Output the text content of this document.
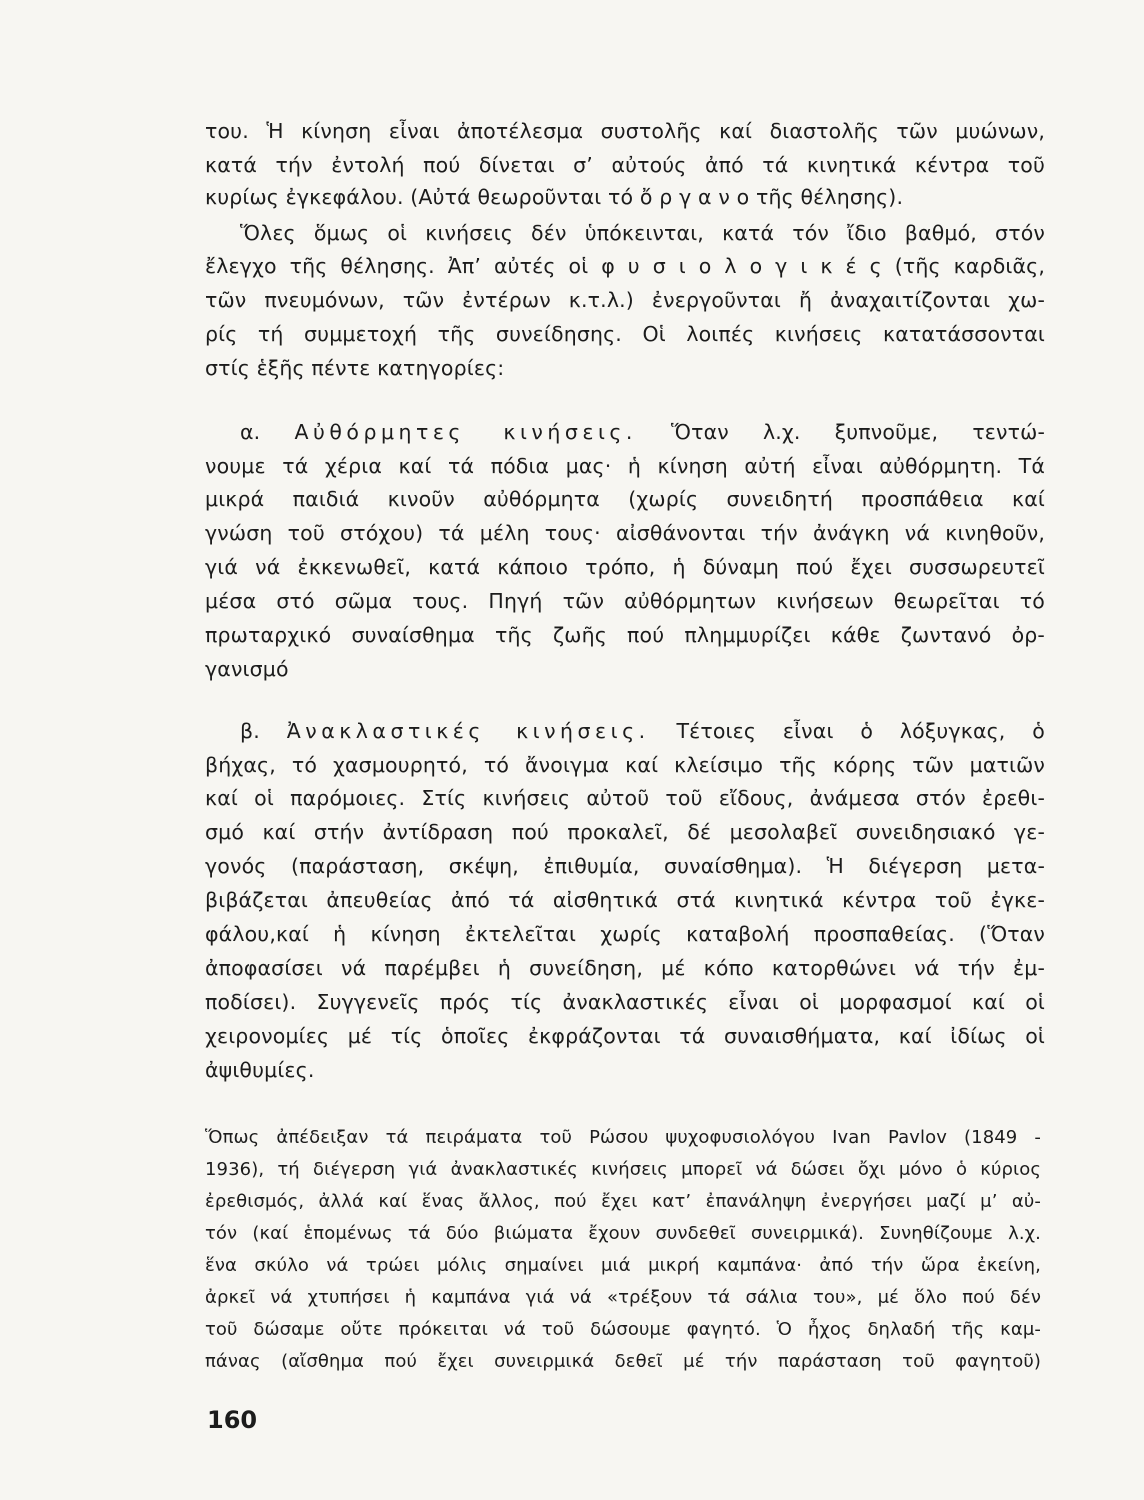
του. Ἡ κίνηση εἶναι ἀποτέλεσμα συστολῆς καί διαστολῆς τῶν μυώνων,
κατά τήν ἐντολή πού δίνεται σ’ αὐτούς ἀπό τά κινητικά κέντρα τοῦ
κυρίως ἐγκεφάλου. (Αὐτά θεωροῦνται τό ὄ ρ γ α ν ο τῆς θέλησης).
Ὅλες ὅμως οἱ κινήσεις δέν ὑπόκεινται, κατά τόν ἴδιο βαθμό, στόν
ἔλεγχο τῆς θέλησης. Ἀπ’ αὐτές οἱ φ υ σ ι ο λ ο γ ι κ έ ς (τῆς καρδιᾶς,
τῶν πνευμόνων, τῶν ἐντέρων κ.τ.λ.) ἐνεργοῦνται ἤ ἀναχαιτίζονται χω-
ρίς τή συμμετοχή τῆς συνείδησης. Οἱ λοιπές κινήσεις κατατάσσονται
στίς ἑξῆς πέντε κατηγορίες:
α. Αὐθόρμητες κινήσεις. Ὅταν λ.χ. ξυπνοῦμε, τεντώ-
νουμε τά χέρια καί τά πόδια μας· ἡ κίνηση αὐτή εἶναι αὐθόρμητη. Τά
μικρά παιδιά κινοῦν αὐθόρμητα (χωρίς συνειδητή προσπάθεια καί
γνώση τοῦ στόχου) τά μέλη τους· αἰσθάνονται τήν ἀνάγκη νά κινηθοῦν,
γιά νά ἐκκενωθεῖ, κατά κάποιο τρόπο, ἡ δύναμη πού ἔχει συσσωρευτεῖ
μέσα στό σῶμα τους. Πηγή τῶν αὐθόρμητων κινήσεων θεωρεῖται τό
πρωταρχικό συναίσθημα τῆς ζωῆς πού πλημμυρίζει κάθε ζωντανό ὀρ-
γανισμό
β. Ἀνακλαστικές κινήσεις. Τέτοιες εἶναι ὁ λόξυγκας, ὁ
βήχας, τό χασμουρητό, τό ἄνοιγμα καί κλείσιμο τῆς κόρης τῶν ματιῶν
καί οἱ παρόμοιες. Στίς κινήσεις αὐτοῦ τοῦ εἴδους, ἀνάμεσα στόν ἐρεθι-
σμό καί στήν ἀντίδραση πού προκαλεῖ, δέ μεσολαβεῖ συνειδησιακό γε-
γονός (παράσταση, σκέψη, ἐπιθυμία, συναίσθημα). Ἡ διέγερση μετα-
βιβάζεται ἀπευθείας ἀπό τά αἰσθητικά στά κινητικά κέντρα τοῦ ἐγκε-
φάλου,καί ἡ κίνηση ἐκτελεῖται χωρίς καταβολή προσπαθείας. (Ὅταν
ἀποφασίσει νά παρέμβει ἡ συνείδηση, μέ κόπο κατορθώνει νά τήν ἐμ-
ποδίσει). Συγγενεῖς πρός τίς ἀνακλαστικές εἶναι οἱ μορφασμοί καί οἱ
χειρονομίες μέ τίς ὁποῖες ἐκφράζονται τά συναισθήματα, καί ἰδίως οἱ
ἀψιθυμίες.
Ὅπως ἀπέδειξαν τά πειράματα τοῦ Ρώσου ψυχοφυσιολόγου Ivan Pavlov (1849 -
1936), τή διέγερση γιά ἀνακλαστικές κινήσεις μπορεῖ νά δώσει ὄχι μόνο ὁ κύριος
ἐρεθισμός, ἀλλά καί ἕνας ἄλλος, πού ἔχει κατ’ ἐπανάληψη ἐνεργήσει μαζί μ’ αὐ-
τόν (καί ἑπομένως τά δύο βιώματα ἔχουν συνδεθεῖ συνειρμικά). Συνηθίζουμε λ.χ.
ἕνα σκύλο νά τρώει μόλις σημαίνει μιά μικρή καμπάνα· ἀπό τήν ὥρα ἐκείνη,
ἀρκεῖ νά χτυπήσει ἡ καμπάνα γιά νά «τρέξουν τά σάλια του», μέ ὅλο πού δέν
τοῦ δώσαμε οὔτε πρόκειται νά τοῦ δώσουμε φαγητό. Ὁ ἦχος δηλαδή τῆς καμ-
πάνας (αἴσθημα πού ἔχει συνειρμικά δεθεῖ μέ τήν παράσταση τοῦ φαγητοῦ)
160
